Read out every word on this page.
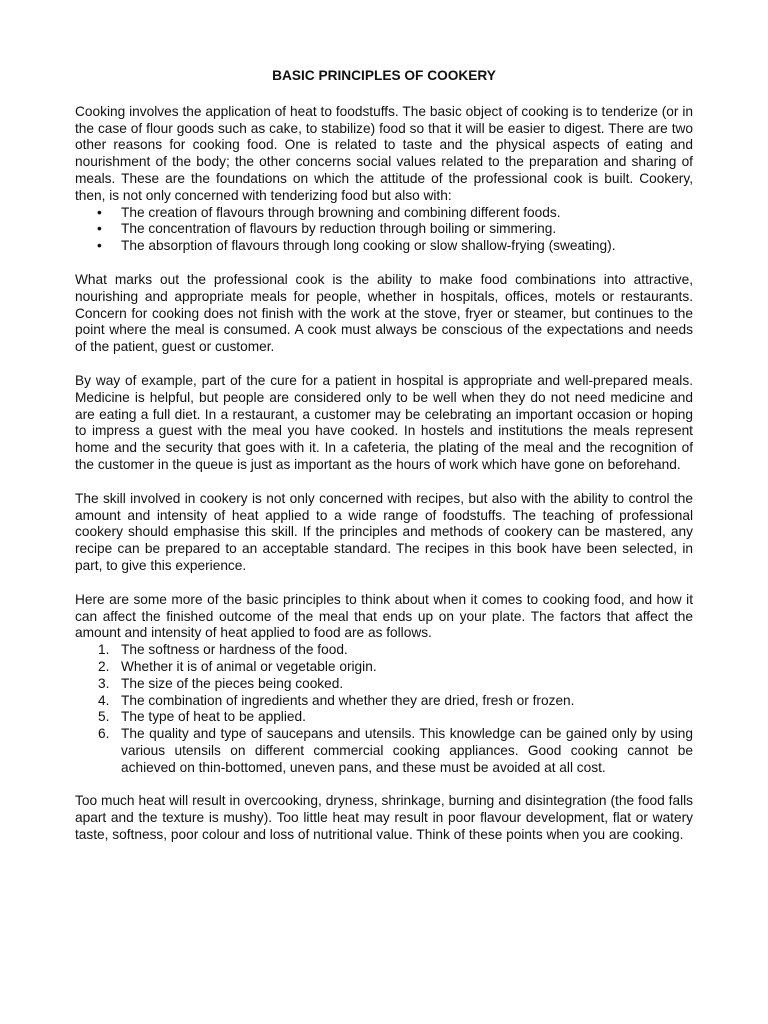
BASIC PRINCIPLES OF COOKERY

Cooking involves the application of heat to foodstuffs. The basic object of cooking is to tenderize (or in the case of flour goods such as cake, to stabilize) food so that it will be easier to digest. There are two other reasons for cooking food. One is related to taste and the physical aspects of eating and nourishment of the body; the other concerns social values related to the preparation and sharing of meals. These are the foundations on which the attitude of the professional cook is built. Cookery, then, is not only concerned with tenderizing food but also with:

• The creation of flavours through browning and combining different foods.
• The concentration of flavours by reduction through boiling or simmering.
• The absorption of flavours through long cooking or slow shallow-frying (sweating).

What marks out the professional cook is the ability to make food combinations into attractive, nourishing and appropriate meals for people, whether in hospitals, offices, motels or restaurants. Concern for cooking does not finish with the work at the stove, fryer or steamer, but continues to the point where the meal is consumed. A cook must always be conscious of the expectations and needs of the patient, guest or customer.

By way of example, part of the cure for a patient in hospital is appropriate and well-prepared meals. Medicine is helpful, but people are considered only to be well when they do not need medicine and are eating a full diet. In a restaurant, a customer may be celebrating an important occasion or hoping to impress a guest with the meal you have cooked. In hostels and institutions the meals represent home and the security that goes with it. In a cafeteria, the plating of the meal and the recognition of the customer in the queue is just as important as the hours of work which have gone on beforehand.

The skill involved in cookery is not only concerned with recipes, but also with the ability to control the amount and intensity of heat applied to a wide range of foodstuffs. The teaching of professional cookery should emphasise this skill. If the principles and methods of cookery can be mastered, any recipe can be prepared to an acceptable standard. The recipes in this book have been selected, in part, to give this experience.

Here are some more of the basic principles to think about when it comes to cooking food, and how it can affect the finished outcome of the meal that ends up on your plate. The factors that affect the amount and intensity of heat applied to food are as follows.

1. The softness or hardness of the food.
2. Whether it is of animal or vegetable origin.
3. The size of the pieces being cooked.
4. The combination of ingredients and whether they are dried, fresh or frozen.
5. The type of heat to be applied.
6. The quality and type of saucepans and utensils. This knowledge can be gained only by using various utensils on different commercial cooking appliances. Good cooking cannot be achieved on thin-bottomed, uneven pans, and these must be avoided at all cost.

Too much heat will result in overcooking, dryness, shrinkage, burning and disintegration (the food falls apart and the texture is mushy). Too little heat may result in poor flavour development, flat or watery taste, softness, poor colour and loss of nutritional value. Think of these points when you are cooking.
